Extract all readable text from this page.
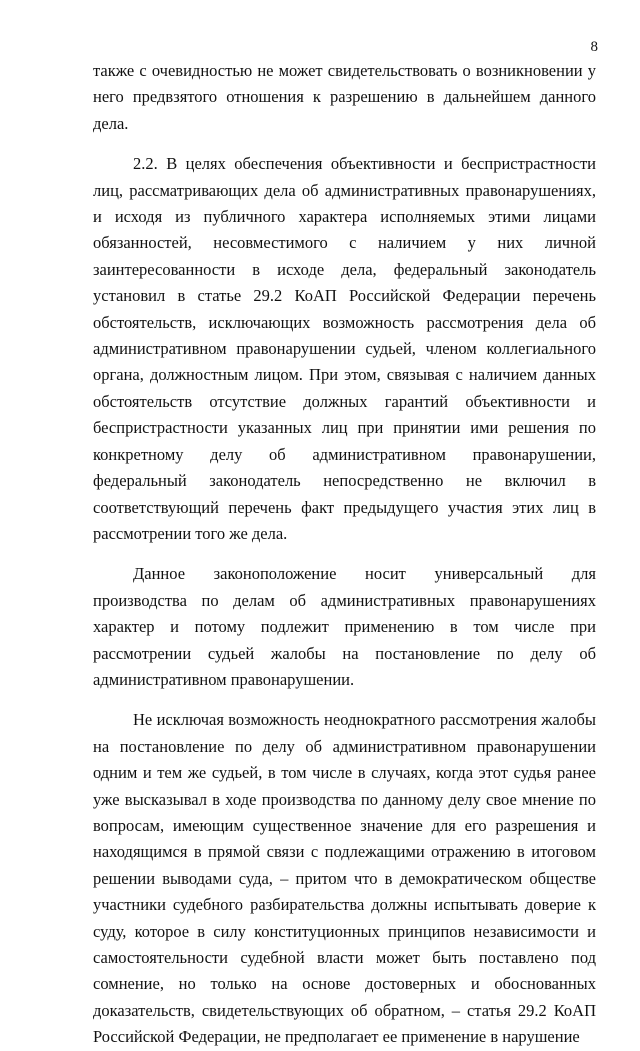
8

также с очевидностью не может свидетельствовать о возникновении у него предвзятого отношения к разрешению в дальнейшем данного дела.

2.2. В целях обеспечения объективности и беспристрастности лиц, рассматривающих дела об административных правонарушениях, и исходя из публичного характера исполняемых этими лицами обязанностей, несовместимого с наличием у них личной заинтересованности в исходе дела, федеральный законодатель установил в статье 29.2 КоАП Российской Федерации перечень обстоятельств, исключающих возможность рассмотрения дела об административном правонарушении судьей, членом коллегиального органа, должностным лицом. При этом, связывая с наличием данных обстоятельств отсутствие должных гарантий объективности и беспристрастности указанных лиц при принятии ими решения по конкретному делу об административном правонарушении, федеральный законодатель непосредственно не включил в соответствующий перечень факт предыдущего участия этих лиц в рассмотрении того же дела.

Данное законоположение носит универсальный для производства по делам об административных правонарушениях характер и потому подлежит применению в том числе при рассмотрении судьей жалобы на постановление по делу об административном правонарушении.

Не исключая возможность неоднократного рассмотрения жалобы на постановление по делу об административном правонарушении одним и тем же судьей, в том числе в случаях, когда этот судья ранее уже высказывал в ходе производства по данному делу свое мнение по вопросам, имеющим существенное значение для его разрешения и находящимся в прямой связи с подлежащими отражению в итоговом решении выводами суда, – притом что в демократическом обществе участники судебного разбирательства должны испытывать доверие к суду, которое в силу конституционных принципов независимости и самостоятельности судебной власти может быть поставлено под сомнение, но только на основе достоверных и обоснованных доказательств, свидетельствующих об обратном, – статья 29.2 КоАП Российской Федерации, не предполагает ее применение в нарушение
